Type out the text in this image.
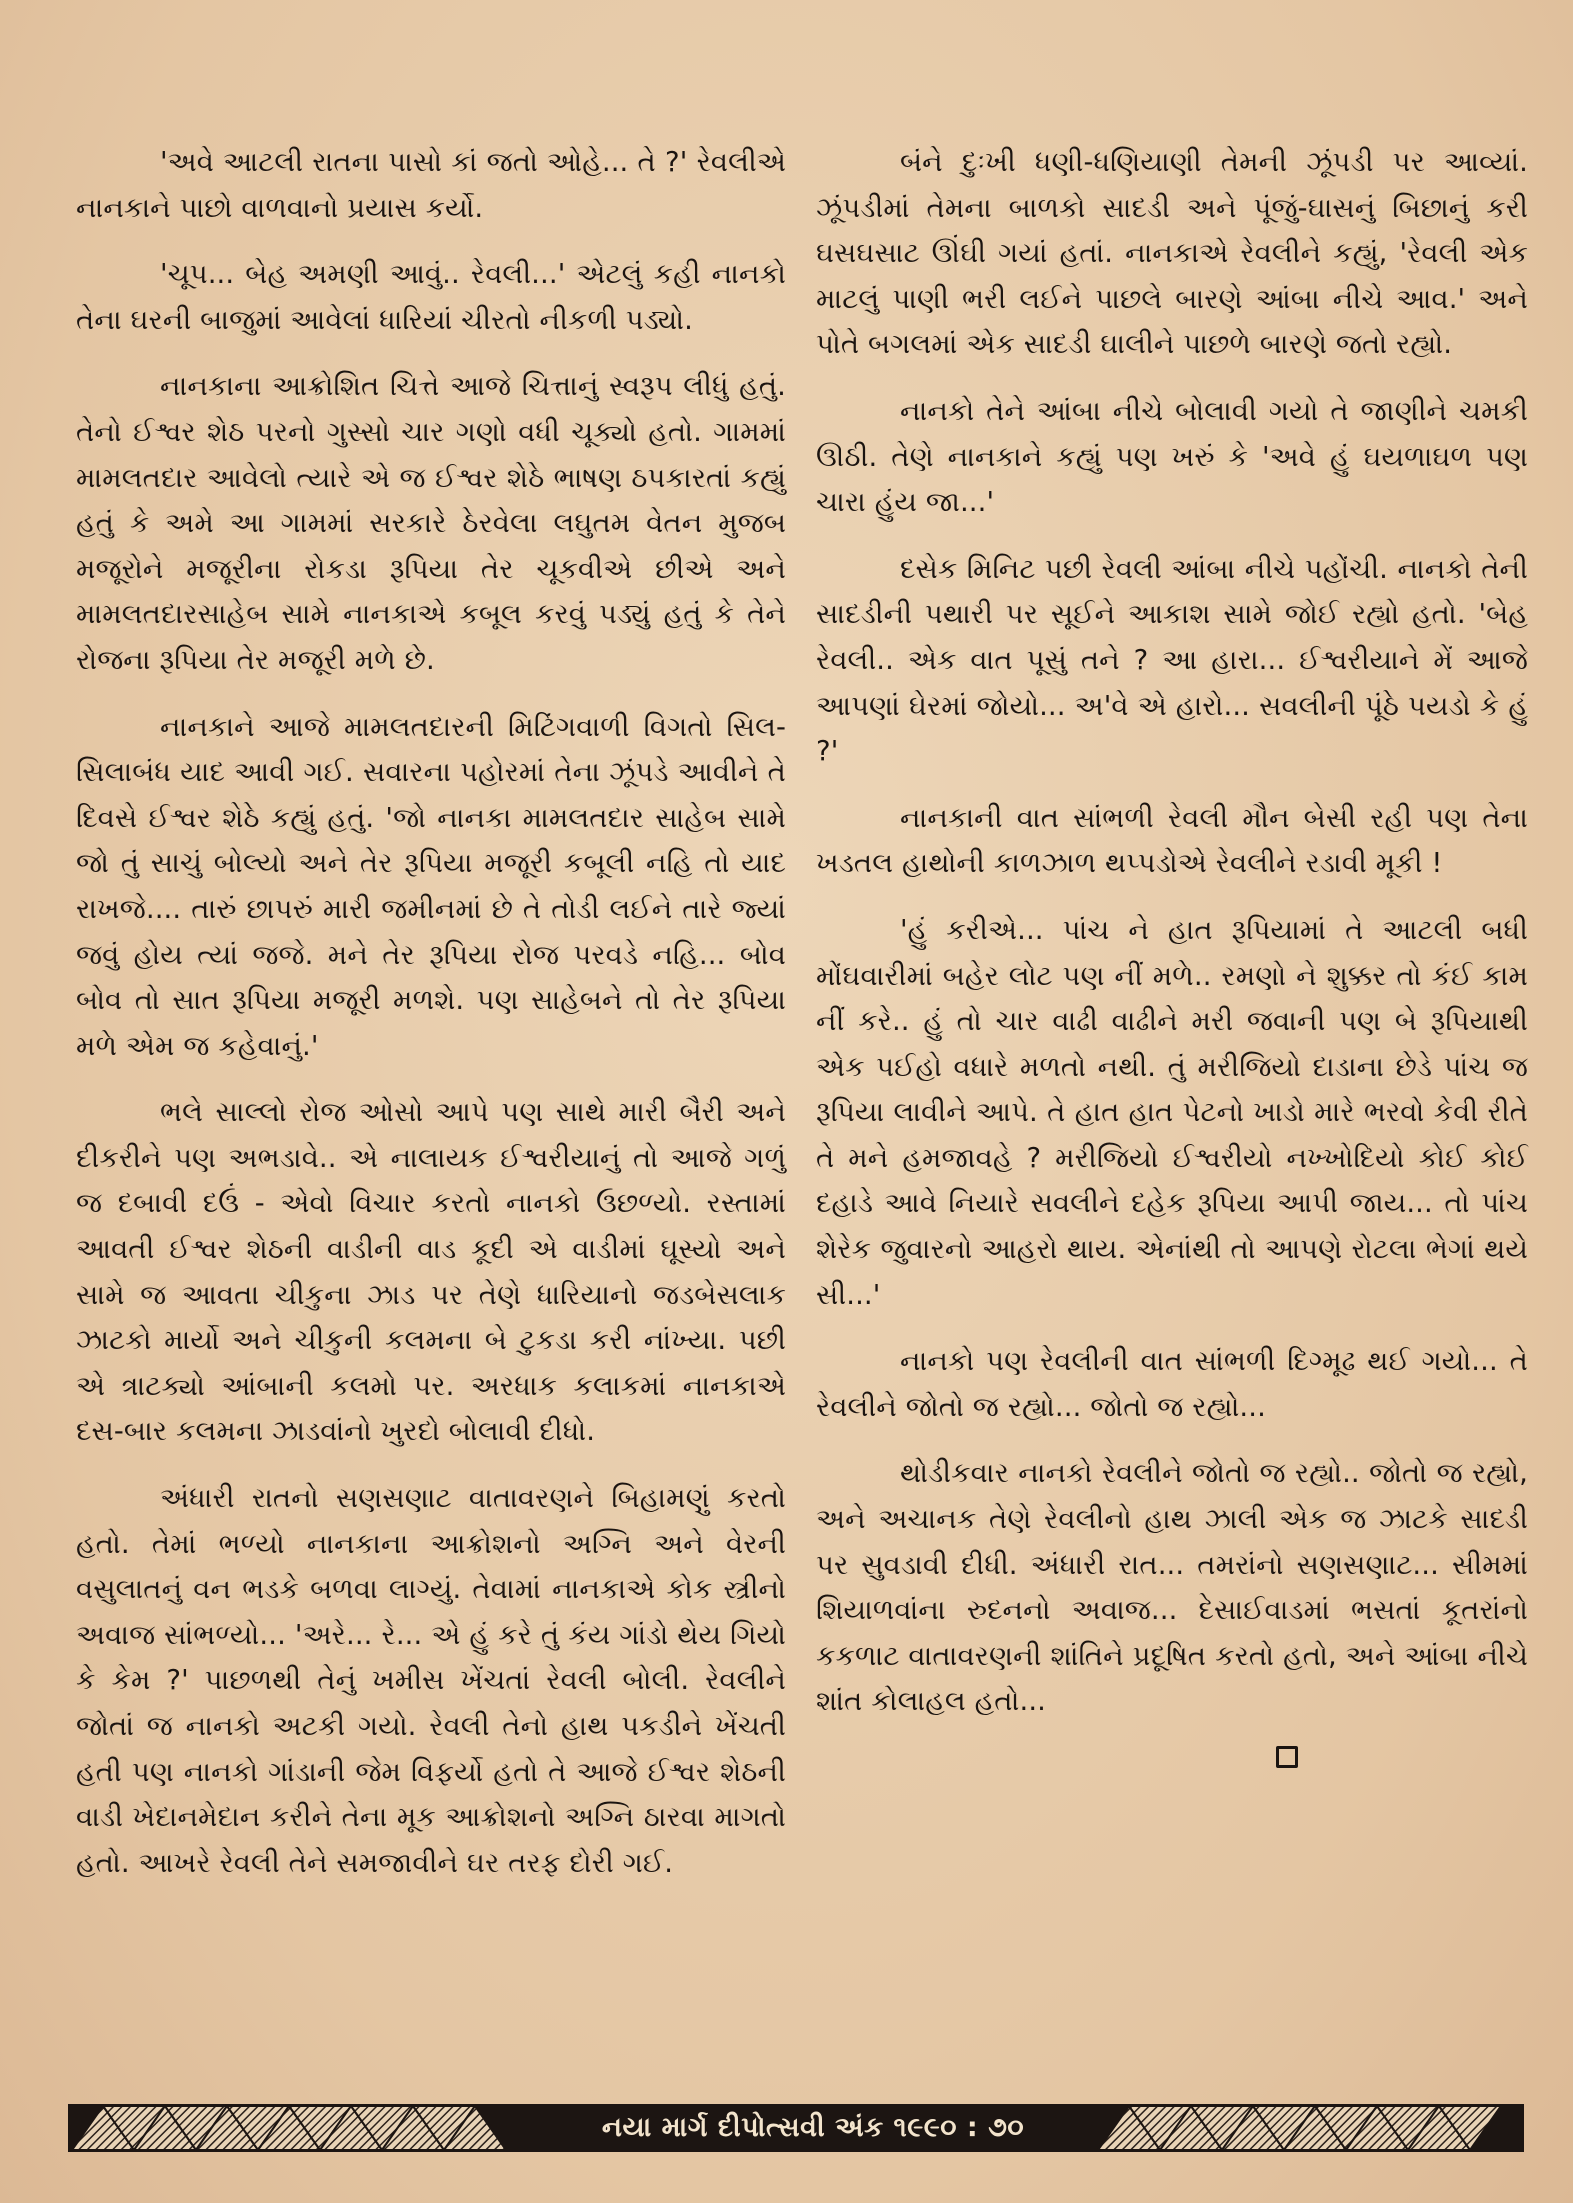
'અવે આટલી રાતના પાસો કાં જતો ઓહે... તે ?' રેવલીએ નાનકાને પાછો વાળવાનો પ્રયાસ કર્યો.

'ચૂપ... બેહ અમણી આવું.. રેવલી...' એટલું કહી નાનકો તેના ઘરની બાજુમાં આવેલાં ધારિયાં ચીરતો નીકળી પડ્યો.

નાનકાના આક્રોશિત ચિત્તે આજે ચિત્તાનું સ્વરૂપ લીધું હતું. તેનો ઈશ્વર શેઠ પરનો ગુસ્સો ચાર ગણો વધી ચૂક્યો હતો. ગામમાં મામલતદાર આવેલો ત્યારે એ જ ઈશ્વર શેઠે ભાષણ ઠપકારતાં કહ્યું હતું કે અમે આ ગામમાં સરકારે ઠેરવેલા લઘુતમ વેતન મુજબ મજૂરોને મજૂરીના રોકડા રૂપિયા તેર ચૂકવીએ છીએ અને મામલતદારસાહેબ સામે નાનકાએ કબૂલ કરવું પડ્યું હતું કે તેને રોજના રૂપિયા તેર મજૂરી મળે છે.

નાનકાને આજે મામલતદારની મિટિંગવાળી વિગતો સિલ-સિલાબંધ યાદ આવી ગઈ. સવારના પહોરમાં તેના ઝૂંપડે આવીને તે દિવસે ઈશ્વર શેઠે કહ્યું હતું. 'જો નાનકા મામલતદાર સાહેબ સામે જો તું સાચું બોલ્યો અને તેર રૂપિયા મજૂરી કબૂલી નહિ તો યાદ રાખજે.... તારું છાપરું મારી જમીનમાં છે તે તોડી લઈને તારે જ્યાં જવું હોય ત્યાં જજે. મને તેર રૂપિયા રોજ પરવડે નહિ... બોવ બોવ તો સાત રૂપિયા મજૂરી મળશે. પણ સાહેબને તો તેર રૂપિયા મળે એમ જ કહેવાનું.'

ભલે સાલ્લો રોજ ઓસો આપે પણ સાથે મારી બૈરી અને દીકરીને પણ અભડાવે.. એ નાલાયક ઈશ્વરીયાનું તો આજે ગળું જ દબાવી દઉં - એવો વિચાર કરતો નાનકો ઉછળ્યો. રસ્તામાં આવતી ઈશ્વર શેઠની વાડીની વાડ કૂદી એ વાડીમાં ઘૂસ્યો અને સામે જ આવતા ચીકુના ઝાડ પર તેણે ધારિયાનો જડબેસલાક ઝાટકો માર્યો અને ચીકુની કલમના બે ટુકડા કરી નાંખ્યા. પછી એ ત્રાટક્યો આંબાની કલમો પર. અરધાક કલાકમાં નાનકાએ દસ-બાર કલમના ઝાડવાંનો ખુરદો બોલાવી દીધો.

અંધારી રાતનો સણસણાટ વાતાવરણને બિહામણું કરતો હતો. તેમાં ભળ્યો નાનકાના આક્રોશનો અગ્નિ અને વેરની વસુલાતનું વન ભડકે બળવા લાગ્યું. તેવામાં નાનકાએ કોક સ્ત્રીનો અવાજ સાંભળ્યો... 'અરે... રે... એ હું કરે તું કંય ગાંડો થેય ગિયો કે કેમ ?' પાછળથી તેનું ખમીસ ખેંચતાં રેવલી બોલી. રેવલીને જોતાં જ નાનકો અટકી ગયો. રેવલી તેનો હાથ પકડીને ખેંચતી હતી પણ નાનકો ગાંડાની જેમ વિફર્યો હતો તે આજે ઈશ્વર શેઠની વાડી ખેદાનમેદાન કરીને તેના મૂક આક્રોશનો અગ્નિ ઠારવા માગતો હતો. આખરે રેવલી તેને સમજાવીને ઘર તરફ દોરી ગઈ.

બંને દુઃખી ધણી-ધણિયાણી તેમની ઝૂંપડી પર આવ્યાં. ઝૂંપડીમાં તેમના બાળકો સાદડી અને પૂંજું-ઘાસનું બિછાનું કરી ઘસઘસાટ ઊંઘી ગયાં હતાં. નાનકાએ રેવલીને કહ્યું, 'રેવલી એક માટલું પાણી ભરી લઈને પાછલે બારણે આંબા નીચે આવ.' અને પોતે બગલમાં એક સાદડી ઘાલીને પાછળે બારણે જતો રહ્યો.

નાનકો તેને આંબા નીચે બોલાવી ગયો તે જાણીને ચમકી ઊઠી. તેણે નાનકાને કહ્યું પણ ખરું કે 'અવે હું ઘયળાઘળ પણ ચારા હુંય જા...'

દસેક મિનિટ પછી રેવલી આંબા નીચે પહોંચી. નાનકો તેની સાદડીની પથારી પર સૂઈને આકાશ સામે જોઈ રહ્યો હતો. 'બેહ રેવલી.. એક વાત પૂસું તને ? આ હારા... ઈશ્વરીયાને મેં આજે આપણાં ઘેરમાં જોયો... અ'વે એ હારો... સવલીની પૂંઠે પયડો કે હું ?'

નાનકાની વાત સાંભળી રેવલી મૌન બેસી રહી પણ તેના ખડતલ હાથોની કાળઝાળ થપ્પડોએ રેવલીને રડાવી મૂકી !

'હું કરીએ... પાંચ ને હાત રૂપિયામાં તે આટલી બધી મોંઘવારીમાં બહેર લોટ પણ નીં મળે.. રમણો ને શુક્કર તો કંઈ કામ નીં કરે.. હું તો ચાર વાઢી વાઢીને મરી જવાની પણ બે રૂપિયાથી એક પઈહો વધારે મળતો નથી. તું મરીજિયો દાડાના છેડે પાંચ જ રૂપિયા લાવીને આપે. તે હાત હાત પેટનો ખાડો મારે ભરવો કેવી રીતે તે મને હમજાવહે ? મરીજિયો ઈશ્વરીયો નખ્ખોદિયો કોઈ કોઈ દહાડે આવે નિયારે સવલીને દહેક રૂપિયા આપી જાય... તો પાંચ શેરેક જુવારનો આહરો થાય. એનાંથી તો આપણે રોટલા ભેગાં થયે સી...'

નાનકો પણ રેવલીની વાત સાંભળી દિગ્મૂઢ થઈ ગયો... તે રેવલીને જોતો જ રહ્યો... જોતો જ રહ્યો...

થોડીકવાર નાનકો રેવલીને જોતો જ રહ્યો.. જોતો જ રહ્યો, અને અચાનક તેણે રેવલીનો હાથ ઝાલી એક જ ઝાટકે સાદડી પર સુવડાવી દીધી. અંધારી રાત... તમરાંનો સણસણાટ... સીમમાં શિયાળવાંના રુદનનો અવાજ... દેસાઈવાડમાં ભસતાં કૂતરાંનો કકળાટ વાતાવરણની શાંતિને પ્રદૂષિત કરતો હતો, અને આંબા નીચે શાંત કોલાહલ હતો...

નયા માર્ગ દીપોત્સવી અંક ૧૯૯૦ : ૭૦
